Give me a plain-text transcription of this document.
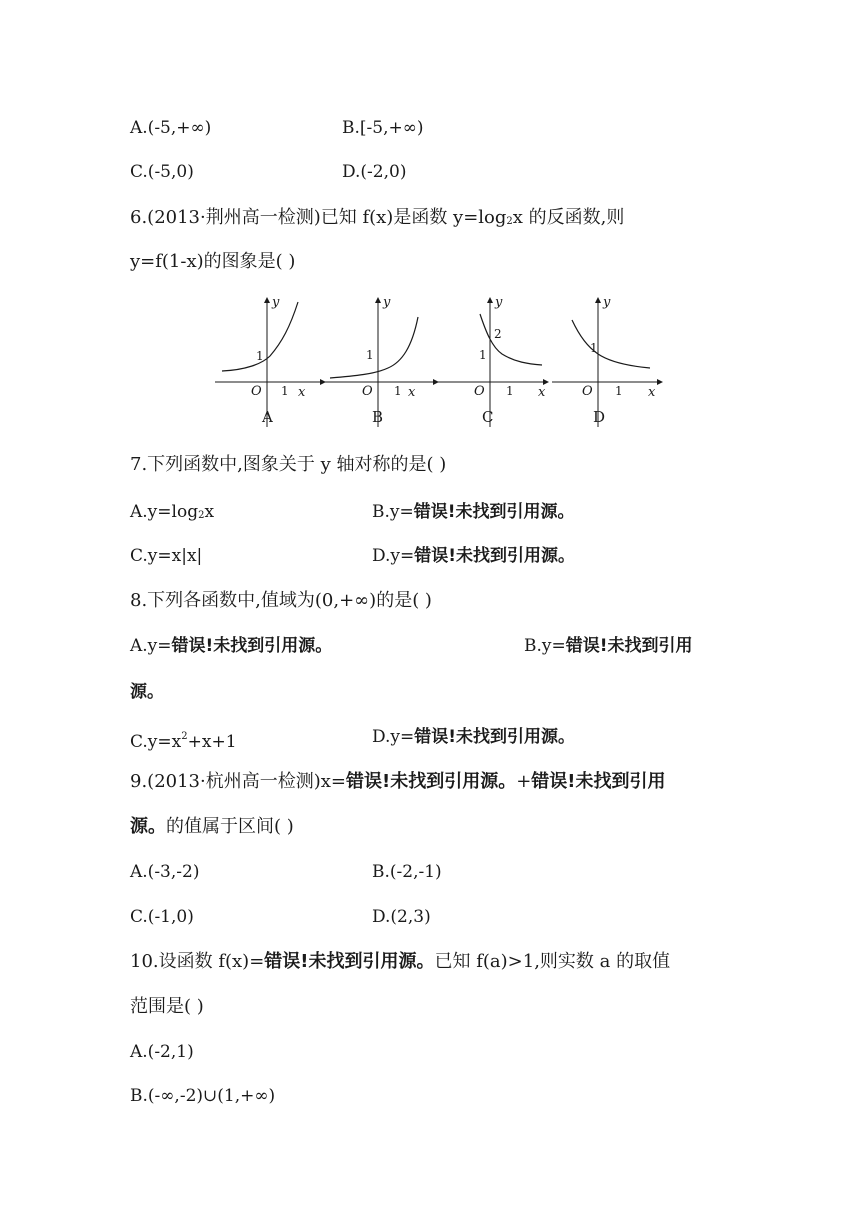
A.(-5,+∞)	B.[-5,+∞)
C.(-5,0)	D.(-2,0)
6.(2013·荆州高一检测)已知 f(x)是函数 $y=\log_2x$ 的反函数,则
y=f(1-x)的图象是( )
y
x
O 1
1
A
y
x
O 1
1
B
y
x
O 1
1
2
C
y
x
O 1
1
D
7.下列函数中,图象关于 y 轴对称的是( )
$A.y=\log_2x$	B.y=错误!未找到引用源。
C.y=x|x|	D.y=错误!未找到引用源。
8.下列各函数中,值域为(0,+∞)的是( )
A.y=错误!未找到引用源。	B.y=错误!未找到引用
源。
$C.y=x^2+x+1$	D.y=错误!未找到引用源。
9.(2013·杭州高一检测)x=错误!未找到引用源。+错误!未找到引用
源。的值属于区间( )
A.(-3,-2)	B.(-2,-1)
C.(-1,0)	D.(2,3)
10.设函数 f(x)=错误!未找到引用源。已知 f(a)>1,则实数 a 的取值
范围是( )
A.(-2,1)
B.(-∞,-2)∪(1,+∞)
